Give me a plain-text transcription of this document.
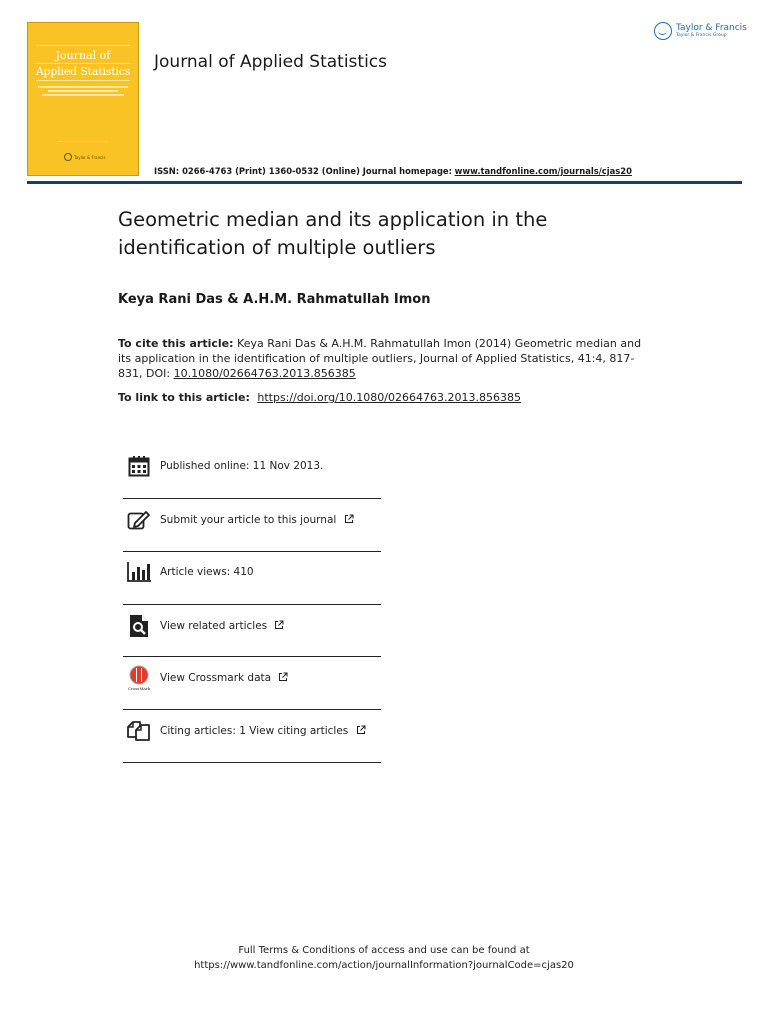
Journal of
Applied Statistics
Taylor & Francis
Journal of Applied Statistics
Taylor & Francis
Taylor & Francis Group
ISSN: 0266-4763 (Print) 1360-0532 (Online) Journal homepage: www.tandfonline.com/journals/cjas20
Geometric median and its application in the identification of multiple outliers
Keya Rani Das & A.H.M. Rahmatullah Imon
To cite this article: Keya Rani Das & A.H.M. Rahmatullah Imon (2014) Geometric median and its application in the identification of multiple outliers, Journal of Applied Statistics, 41:4, 817-831, DOI: 10.1080/02664763.2013.856385
To link to this article: https://doi.org/10.1080/02664763.2013.856385
Published online: 11 Nov 2013.
Submit your article to this journal
Article views: 410
View related articles
CrossMark
View Crossmark data
Citing articles: 1 View citing articles
Full Terms & Conditions of access and use can be found at
https://www.tandfonline.com/action/journalInformation?journalCode=cjas20
